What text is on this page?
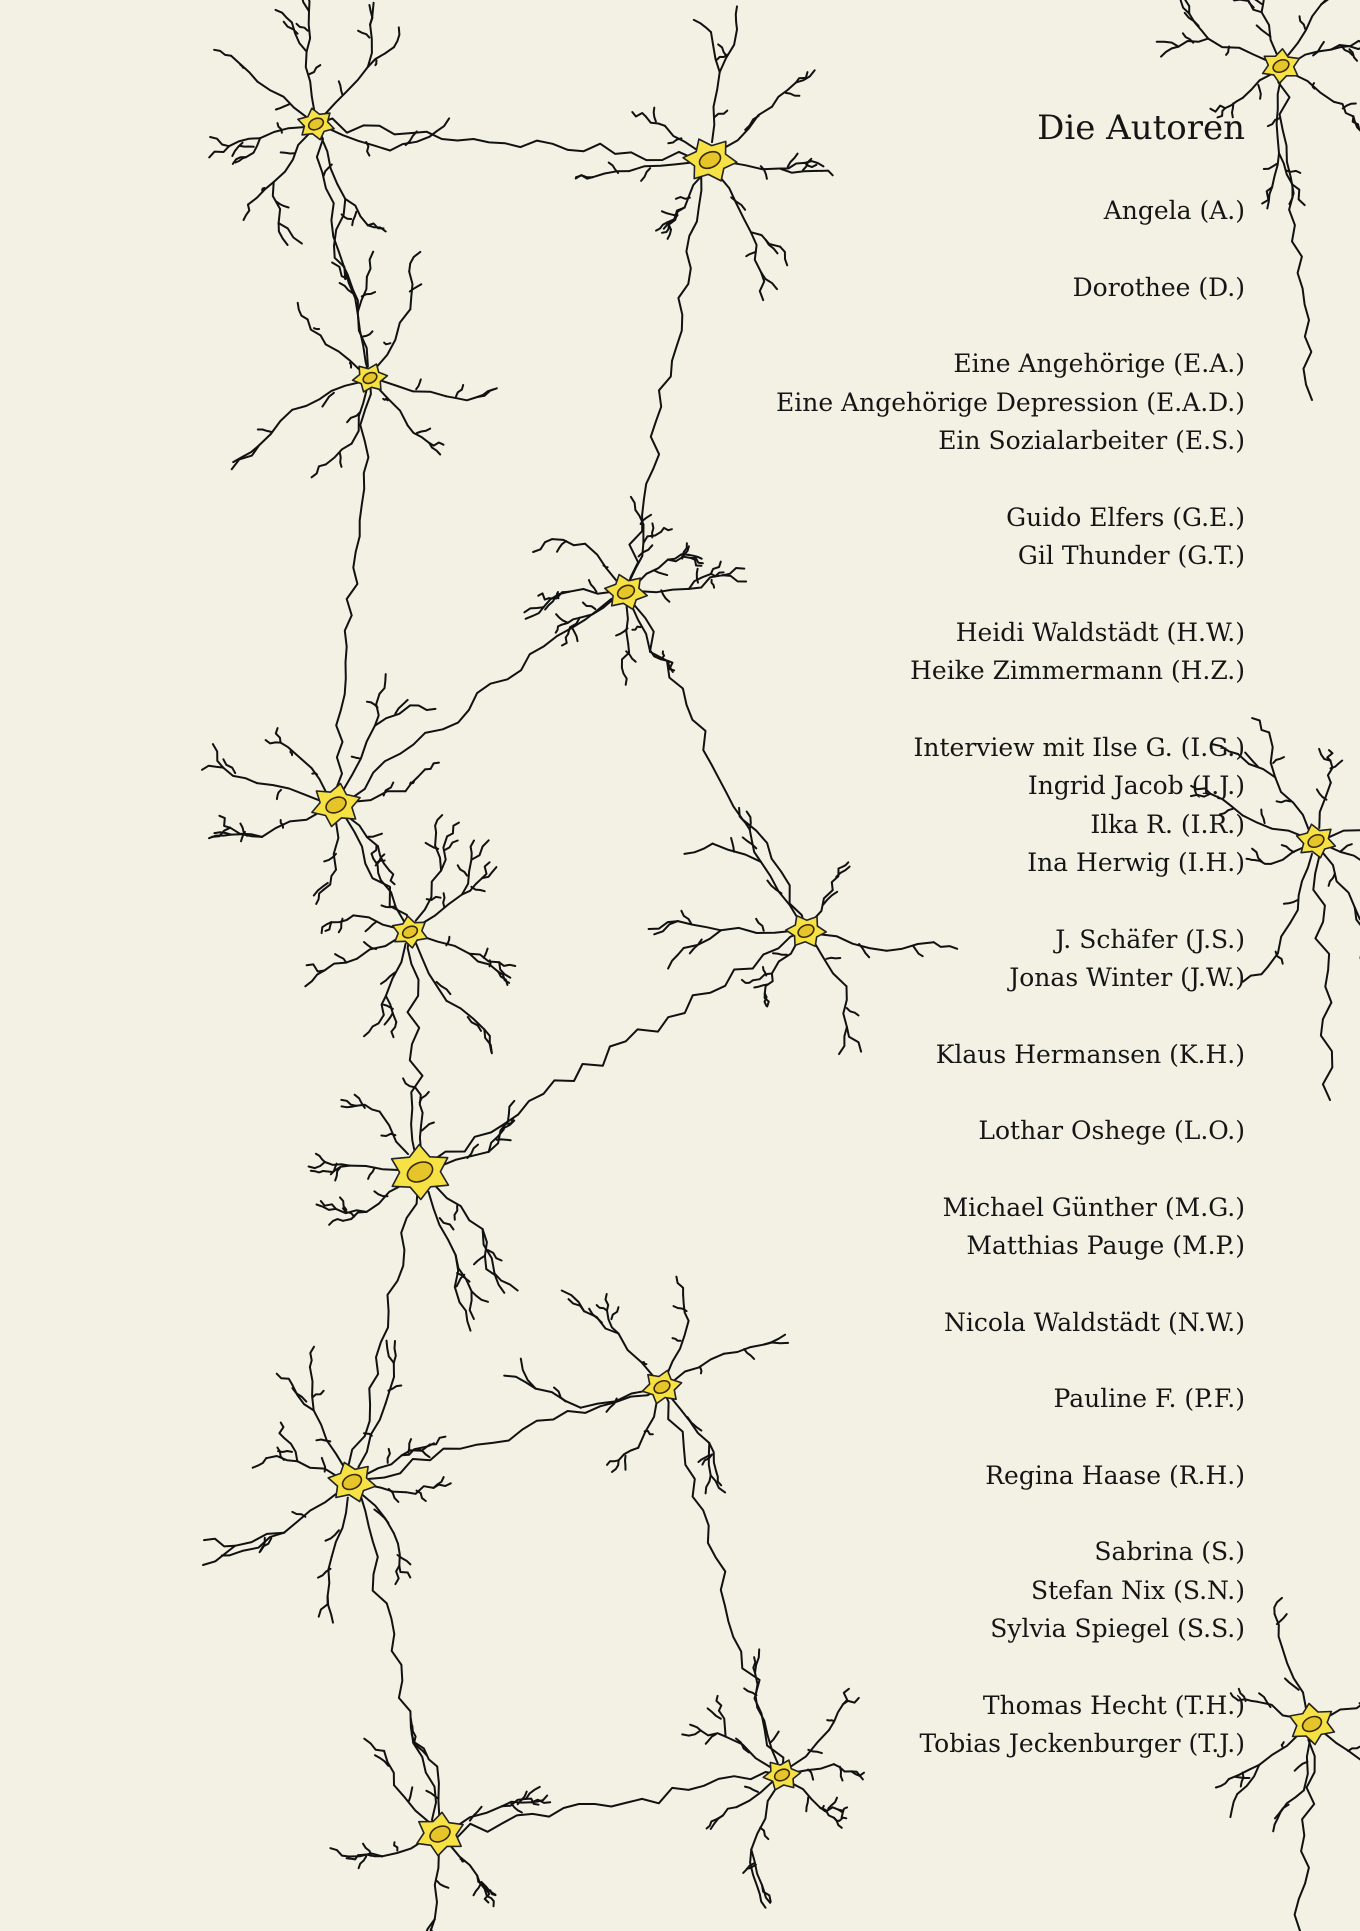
Die Autoren
Angela (A.)
Dorothee (D.)
Eine Angehörige (E.A.)
Eine Angehörige Depression (E.A.D.)
Ein Sozialarbeiter (E.S.)
Guido Elfers (G.E.)
Gil Thunder (G.T.)
Heidi Waldstädt (H.W.)
Heike Zimmermann (H.Z.)
Interview mit Ilse G. (I.G.)
Ingrid Jacob (I.J.)
Ilka R. (I.R.)
Ina Herwig (I.H.)
J. Schäfer (J.S.)
Jonas Winter (J.W.)
Klaus Hermansen (K.H.)
Lothar Oshege (L.O.)
Michael Günther (M.G.)
Matthias Pauge (M.P.)
Nicola Waldstädt (N.W.)
Pauline F. (P.F.)
Regina Haase (R.H.)
Sabrina (S.)
Stefan Nix (S.N.)
Sylvia Spiegel (S.S.)
Thomas Hecht (T.H.)
Tobias Jeckenburger (T.J.)
